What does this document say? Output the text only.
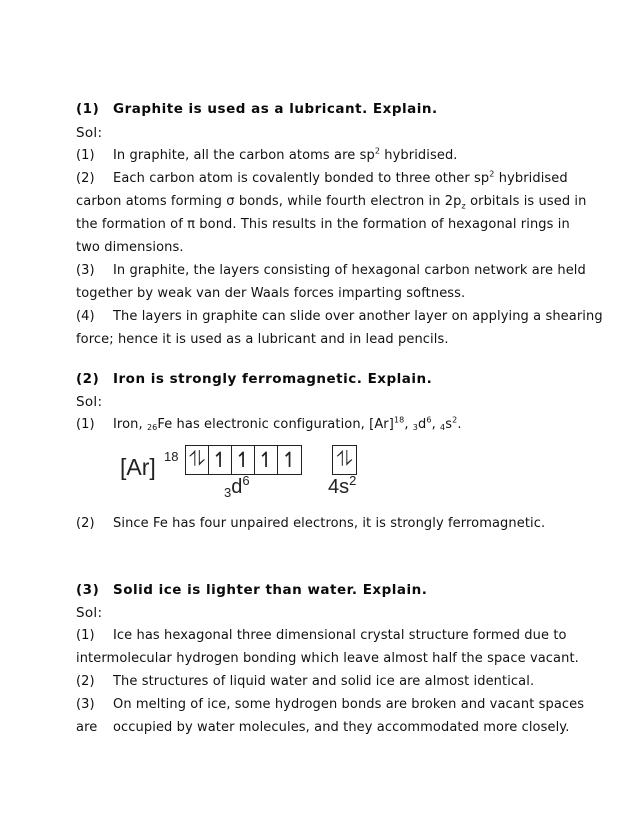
(1) Graphite is used as a lubricant. Explain.
Sol:
(1) In graphite, all the carbon atoms are $sp^2$ hybridised.
(2) Each carbon atom is covalently bonded to three other $sp^2$ hybridised
carbon atoms forming σ bonds, while fourth electron in $2p_z$ orbitals is used in
the formation of π bond. This results in the formation of hexagonal rings in
two dimensions.
(3) In graphite, the layers consisting of hexagonal carbon network are held
together by weak van der Waals forces imparting softness.
(4) The layers in graphite can slide over another layer on applying a shearing
force; hence it is used as a lubricant and in lead pencils.
(2) Iron is strongly ferromagnetic. Explain.
Sol:
(1) Iron, 26Fe has electronic configuration, $[Ar]^{18}$, $3d^6$, $4s^2$.
[Ar] 18 ⥮ ↿ ↿ ↿ ↿ ⥮
$_3d^6$	$4s^2$
(2) Since Fe has four unpaired electrons, it is strongly ferromagnetic.
(3) Solid ice is lighter than water. Explain.
Sol:
(1) Ice has hexagonal three dimensional crystal structure formed due to
intermolecular hydrogen bonding which leave almost half the space vacant.
(2) The structures of liquid water and solid ice are almost identical.
(3) On melting of ice, some hydrogen bonds are broken and vacant spaces
are occupied by water molecules, and they accommodated more closely.
